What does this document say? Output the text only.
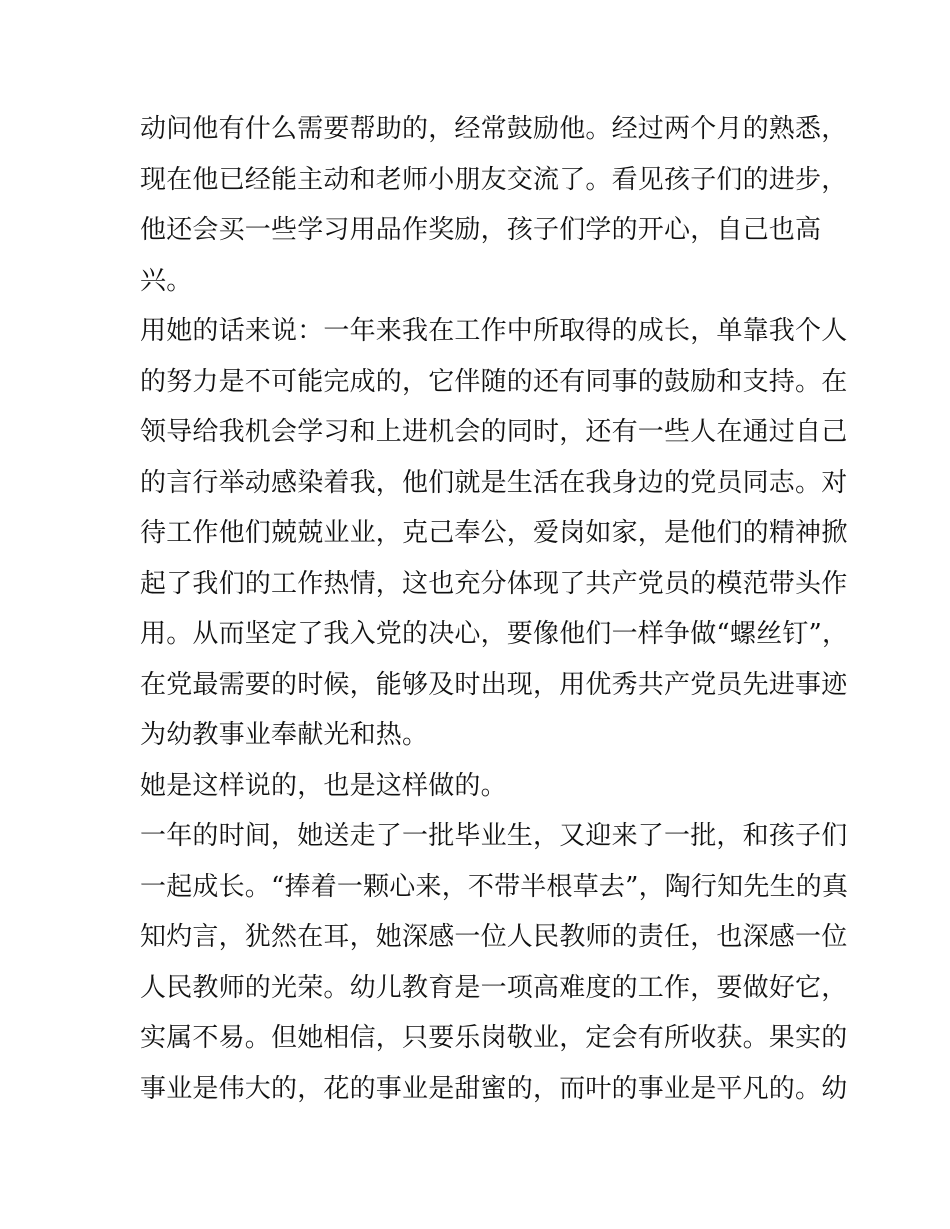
动问他有什么需要帮助的，经常鼓励他。经过两个月的熟悉，
现在他已经能主动和老师小朋友交流了。看见孩子们的进步，
他还会买一些学习用品作奖励，孩子们学的开心，自己也高
兴。
用她的话来说：一年来我在工作中所取得的成长，单靠我个人
的努力是不可能完成的，它伴随的还有同事的鼓励和支持。在
领导给我机会学习和上进机会的同时，还有一些人在通过自己
的言行举动感染着我，他们就是生活在我身边的党员同志。对
待工作他们兢兢业业，克己奉公，爱岗如家，是他们的精神掀
起了我们的工作热情，这也充分体现了共产党员的模范带头作
用。从而坚定了我入党的决心，要像他们一样争做“螺丝钉”，
在党最需要的时候，能够及时出现，用优秀共产党员先进事迹
为幼教事业奉献光和热。
她是这样说的，也是这样做的。
一年的时间，她送走了一批毕业生，又迎来了一批，和孩子们
一起成长。“捧着一颗心来，不带半根草去”，陶行知先生的真
知灼言，犹然在耳，她深感一位人民教师的责任，也深感一位
人民教师的光荣。幼儿教育是一项高难度的工作，要做好它，
实属不易。但她相信，只要乐岗敬业，定会有所收获。果实的
事业是伟大的，花的事业是甜蜜的，而叶的事业是平凡的。幼
